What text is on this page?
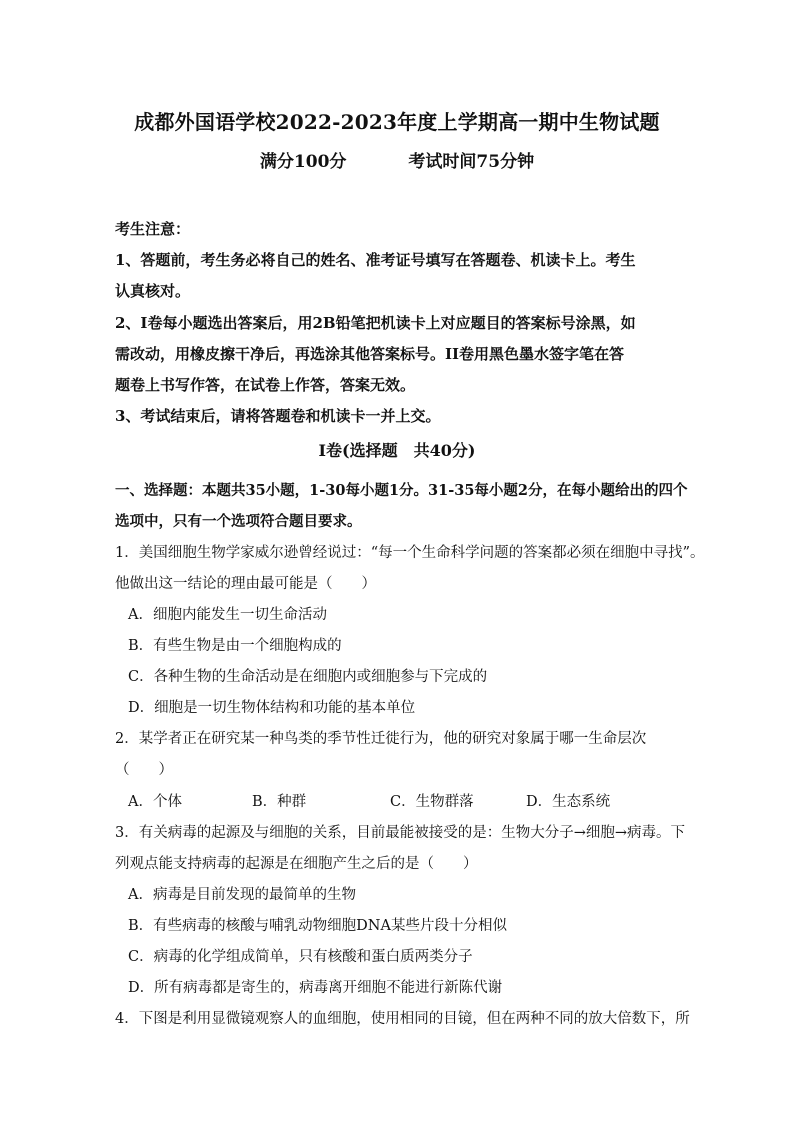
成都外国语学校2022-2023年度上学期高一期中生物试题
满分100分	考试时间75分钟
考生注意：
1、答题前，考生务必将自己的姓名、准考证号填写在答题卷、机读卡上。考生
认真核对。
2、I卷每小题选出答案后，用2B铅笔把机读卡上对应题目的答案标号涂黑，如
需改动，用橡皮擦干净后，再选涂其他答案标号。II卷用黑色墨水签字笔在答
题卷上书写作答，在试卷上作答，答案无效。
3、考试结束后，请将答题卷和机读卡一并上交。
I卷(选择题　共40分)
一、选择题：本题共35小题，1-30每小题1分。31-35每小题2分，在每小题给出的四个
选项中，只有一个选项符合题目要求。
1．美国细胞生物学家威尔逊曾经说过：“每一个生命科学问题的答案都必须在细胞中寻找”。
他做出这一结论的理由最可能是（　　）
A．细胞内能发生一切生命活动
B．有些生物是由一个细胞构成的
C．各种生物的生命活动是在细胞内或细胞参与下完成的
D．细胞是一切生物体结构和功能的基本单位
2．某学者正在研究某一种鸟类的季节性迁徙行为，他的研究对象属于哪一生命层次
（　　）
A．个体	B．种群	C．生物群落	D．生态系统
3．有关病毒的起源及与细胞的关系，目前最能被接受的是：生物大分子→细胞→病毒。下
列观点能支持病毒的起源是在细胞产生之后的是（　　）
A．病毒是目前发现的最简单的生物
B．有些病毒的核酸与哺乳动物细胞DNA某些片段十分相似
C．病毒的化学组成简单，只有核酸和蛋白质两类分子
D．所有病毒都是寄生的，病毒离开细胞不能进行新陈代谢
4．下图是利用显微镜观察人的血细胞，使用相同的目镜，但在两种不同的放大倍数下，所
